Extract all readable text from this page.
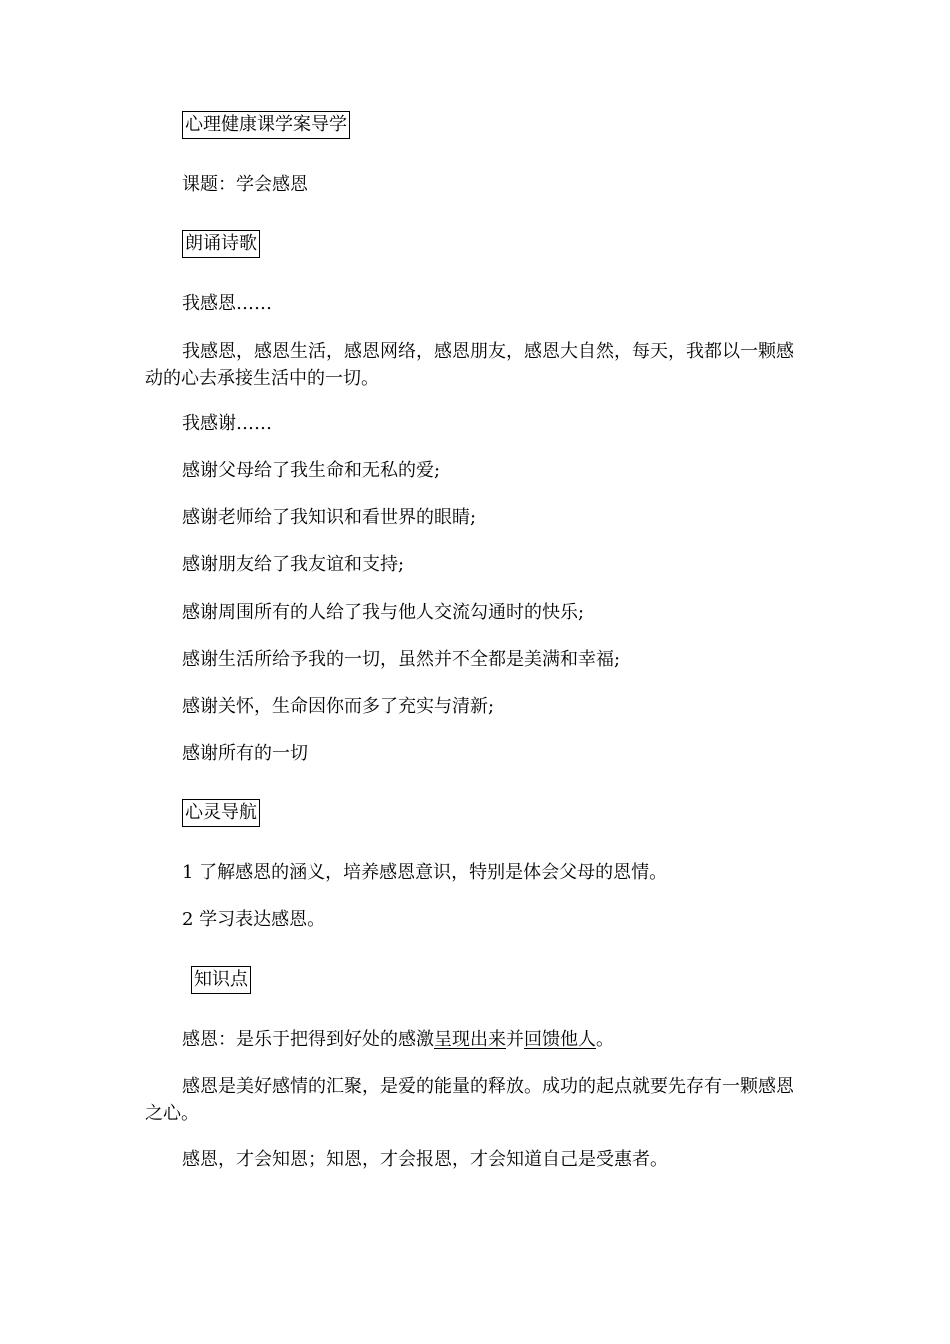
心理健康课学案导学
课题：学会感恩
朗诵诗歌
我感恩……
我感恩，感恩生活，感恩网络，感恩朋友，感恩大自然，每天，我都以一颗感动的心去承接生活中的一切。
我感谢……
感谢父母给了我生命和无私的爱;
感谢老师给了我知识和看世界的眼睛;
感谢朋友给了我友谊和支持;
感谢周围所有的人给了我与他人交流勾通时的快乐;
感谢生活所给予我的一切，虽然并不全都是美满和幸福;
感谢关怀，生命因你而多了充实与清新;
感谢所有的一切
心灵导航
1 了解感恩的涵义，培养感恩意识，特别是体会父母的恩情。
2 学习表达感恩。
知识点
感恩：是乐于把得到好处的感激呈现出来并回馈他人。
感恩是美好感情的汇聚，是爱的能量的释放。成功的起点就要先存有一颗感恩之心。
感恩，才会知恩；知恩，才会报恩，才会知道自己是受惠者。
